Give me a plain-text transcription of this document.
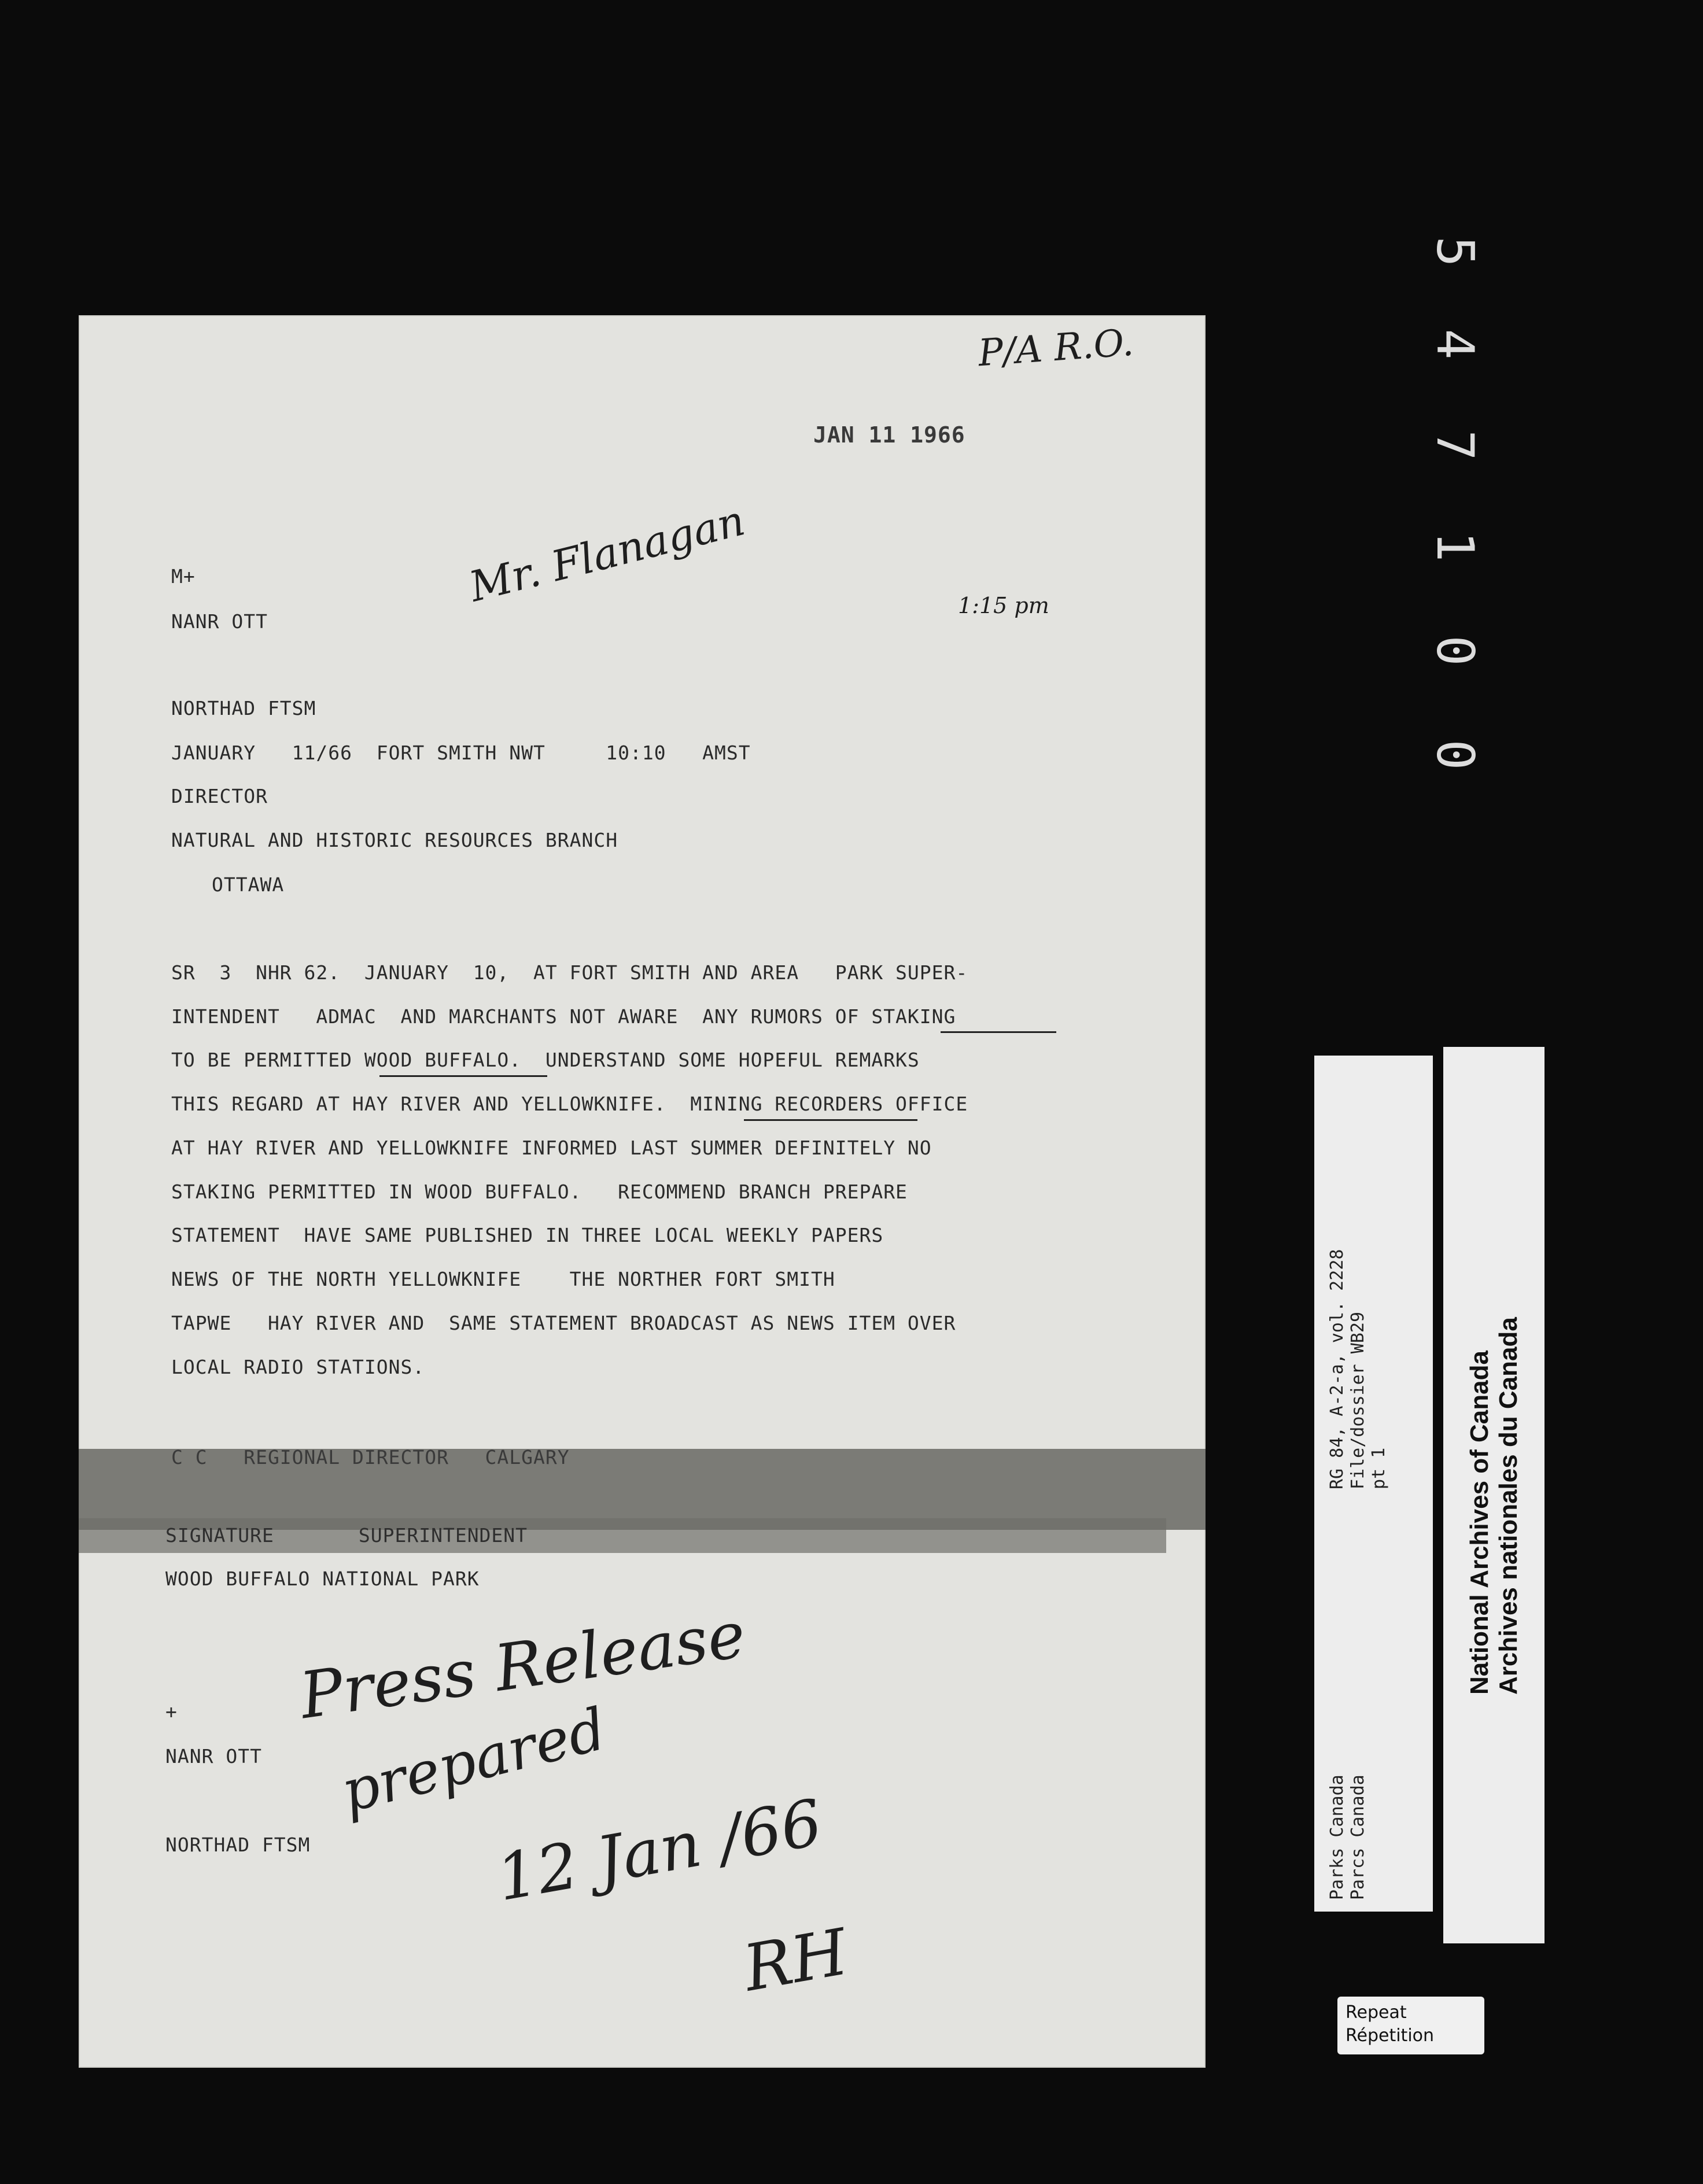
JAN 11 1966
P/A R.O.
Mr. Flanagan	1:15 pm
M+
NANR OTT
NORTHAD FTSM
JANUARY   11/66  FORT SMITH NWT     10:10   AMST
DIRECTOR
NATURAL AND HISTORIC RESOURCES BRANCH
OTTAWA
SR  3  NHR 62.  JANUARY  10,  AT FORT SMITH AND AREA   PARK SUPER-
INTENDENT   ADMAC  AND MARCHANTS NOT AWARE  ANY RUMORS OF STAKING
TO BE PERMITTED WOOD BUFFALO.  UNDERSTAND SOME HOPEFUL REMARKS
THIS REGARD AT HAY RIVER AND YELLOWKNIFE.  MINING RECORDERS OFFICE
AT HAY RIVER AND YELLOWKNIFE INFORMED LAST SUMMER DEFINITELY NO
STAKING PERMITTED IN WOOD BUFFALO.   RECOMMEND BRANCH PREPARE
STATEMENT  HAVE SAME PUBLISHED IN THREE LOCAL WEEKLY PAPERS
NEWS OF THE NORTH YELLOWKNIFE    THE NORTHER FORT SMITH
TAPWE   HAY RIVER AND  SAME STATEMENT BROADCAST AS NEWS ITEM OVER
LOCAL RADIO STATIONS.
C C   REGIONAL DIRECTOR   CALGARY
SIGNATURE       SUPERINTENDENT
WOOD BUFFALO NATIONAL PARK
+
NANR OTT
NORTHAD FTSM
Press Release
prepared
12 Jan /66
RH
0
0
1
7
4
5
RG 84, A-2-a, vol. 2228 File/dossier WB29 pt 1
Parks Canada Parcs Canada
National Archives of Canada Archives nationales du Canada
Repeat
Répetition
